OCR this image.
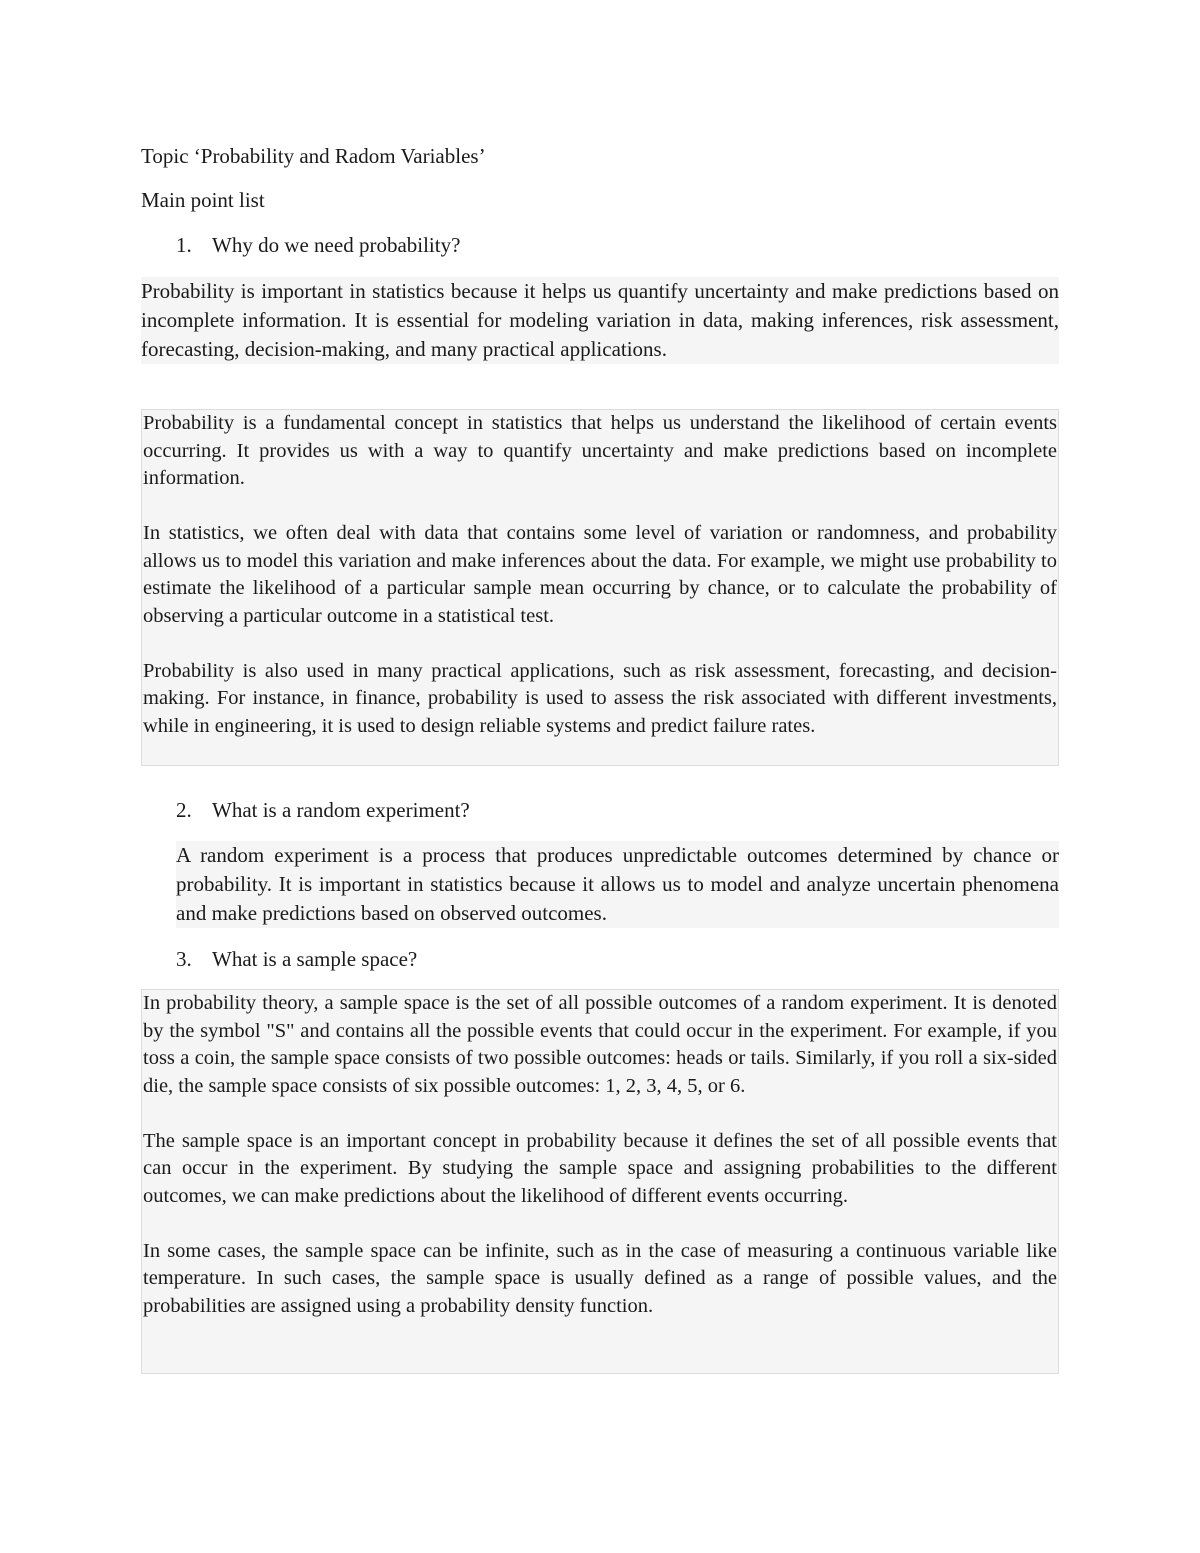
Topic ‘Probability and Radom Variables’
Main point list
1. Why do we need probability?

Probability is important in statistics because it helps us quantify uncertainty and make predictions based on incomplete information. It is essential for modeling variation in data, making inferences, risk assessment, forecasting, decision-making, and many practical applications.

Probability is a fundamental concept in statistics that helps us understand the likelihood of certain events occurring. It provides us with a way to quantify uncertainty and make predictions based on incomplete information.

In statistics, we often deal with data that contains some level of variation or randomness, and probability allows us to model this variation and make inferences about the data. For example, we might use probability to estimate the likelihood of a particular sample mean occurring by chance, or to calculate the probability of observing a particular outcome in a statistical test.

Probability is also used in many practical applications, such as risk assessment, forecasting, and decision-making. For instance, in finance, probability is used to assess the risk associated with different investments, while in engineering, it is used to design reliable systems and predict failure rates.

2. What is a random experiment?

A random experiment is a process that produces unpredictable outcomes determined by chance or probability. It is important in statistics because it allows us to model and analyze uncertain phenomena and make predictions based on observed outcomes.

3. What is a sample space?

In probability theory, a sample space is the set of all possible outcomes of a random experiment. It is denoted by the symbol "S" and contains all the possible events that could occur in the experiment. For example, if you toss a coin, the sample space consists of two possible outcomes: heads or tails. Similarly, if you roll a six-sided die, the sample space consists of six possible outcomes: 1, 2, 3, 4, 5, or 6.

The sample space is an important concept in probability because it defines the set of all possible events that can occur in the experiment. By studying the sample space and assigning probabilities to the different outcomes, we can make predictions about the likelihood of different events occurring.

In some cases, the sample space can be infinite, such as in the case of measuring a continuous variable like temperature. In such cases, the sample space is usually defined as a range of possible values, and the probabilities are assigned using a probability density function.
